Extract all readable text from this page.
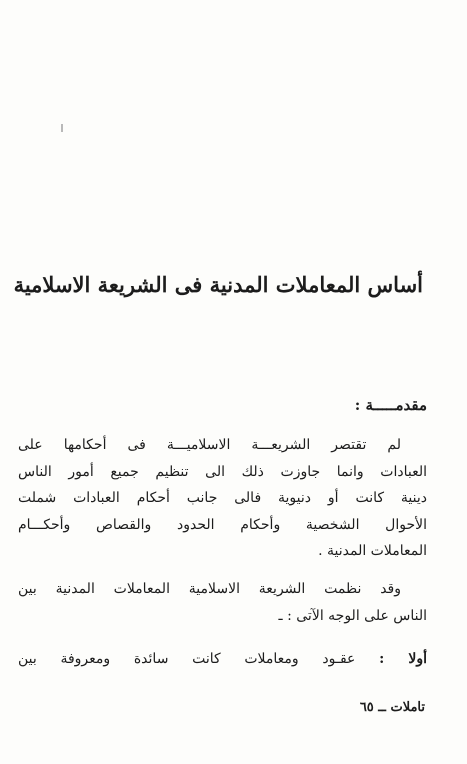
أساس المعاملات المدنية فى الشريعة الاسلامية
مقدمـــــة :
لم تقتصر الشريعـــة الاسلاميـــة فى أحكامها على
العبادات وانما جاوزت ذلك الى تنظيم جميع أمور الناس
دينية كانت أو دنيوية فالى جانب أحكام العبادات شملت
الأحوال الشخصية وأحكام الحدود والقصاص وأحكـــام
المعاملات المدنية .
وقد نظمت الشريعة الاسلامية المعاملات المدنية بين
الناس على الوجه الآتى : ـ
أولا : عقـود ومعاملات كانت سائدة ومعروفة بين
تاملات ــ ٦٥
